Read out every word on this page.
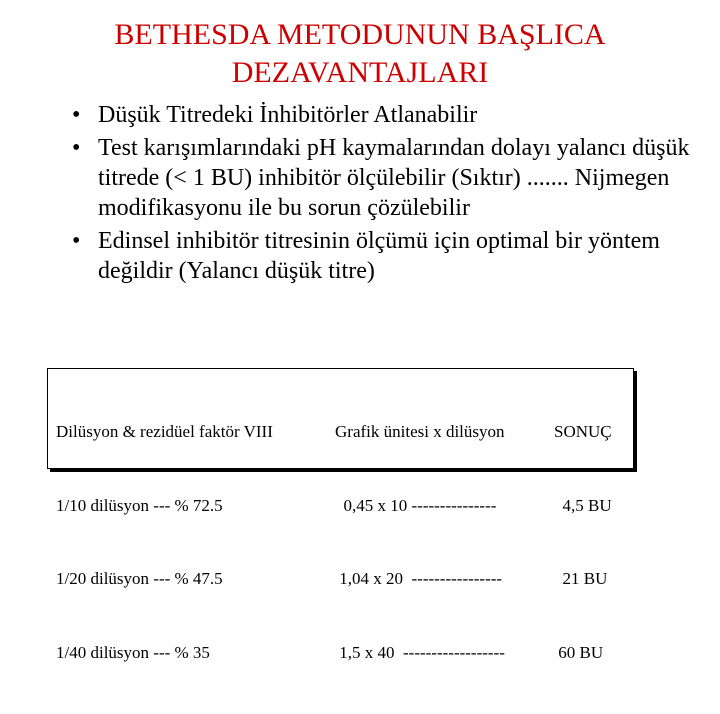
BETHESDA METODUNUN BAŞLICA
DEZAVANTAJLARI
• Düşük Titredeki İnhibitörler Atlanabilir
• Test karışımlarındaki pH kaymalarından dolayı yalancı düşük titrede (< 1 BU) inhibitör ölçülebilir (Sıktır) ....... Nijmegen modifikasyonu ile bu sorun çözülebilir
• Edinsel inhibitör titresinin ölçümü için optimal bir yöntem değildir (Yalancı düşük titre)

Dilüsyon & rezidüel faktör VIII

1/10 dilüsyon --- % 72.5

1/20 dilüsyon --- % 47.5

1/40 dilüsyon --- % 35

Grafik ünitesi x dilüsyon

0,45 x 10 ---------------

1,04 x 20  ----------------

1,5 x 40  ------------------

SONUÇ

4,5 BU

21 BU

60 BU
